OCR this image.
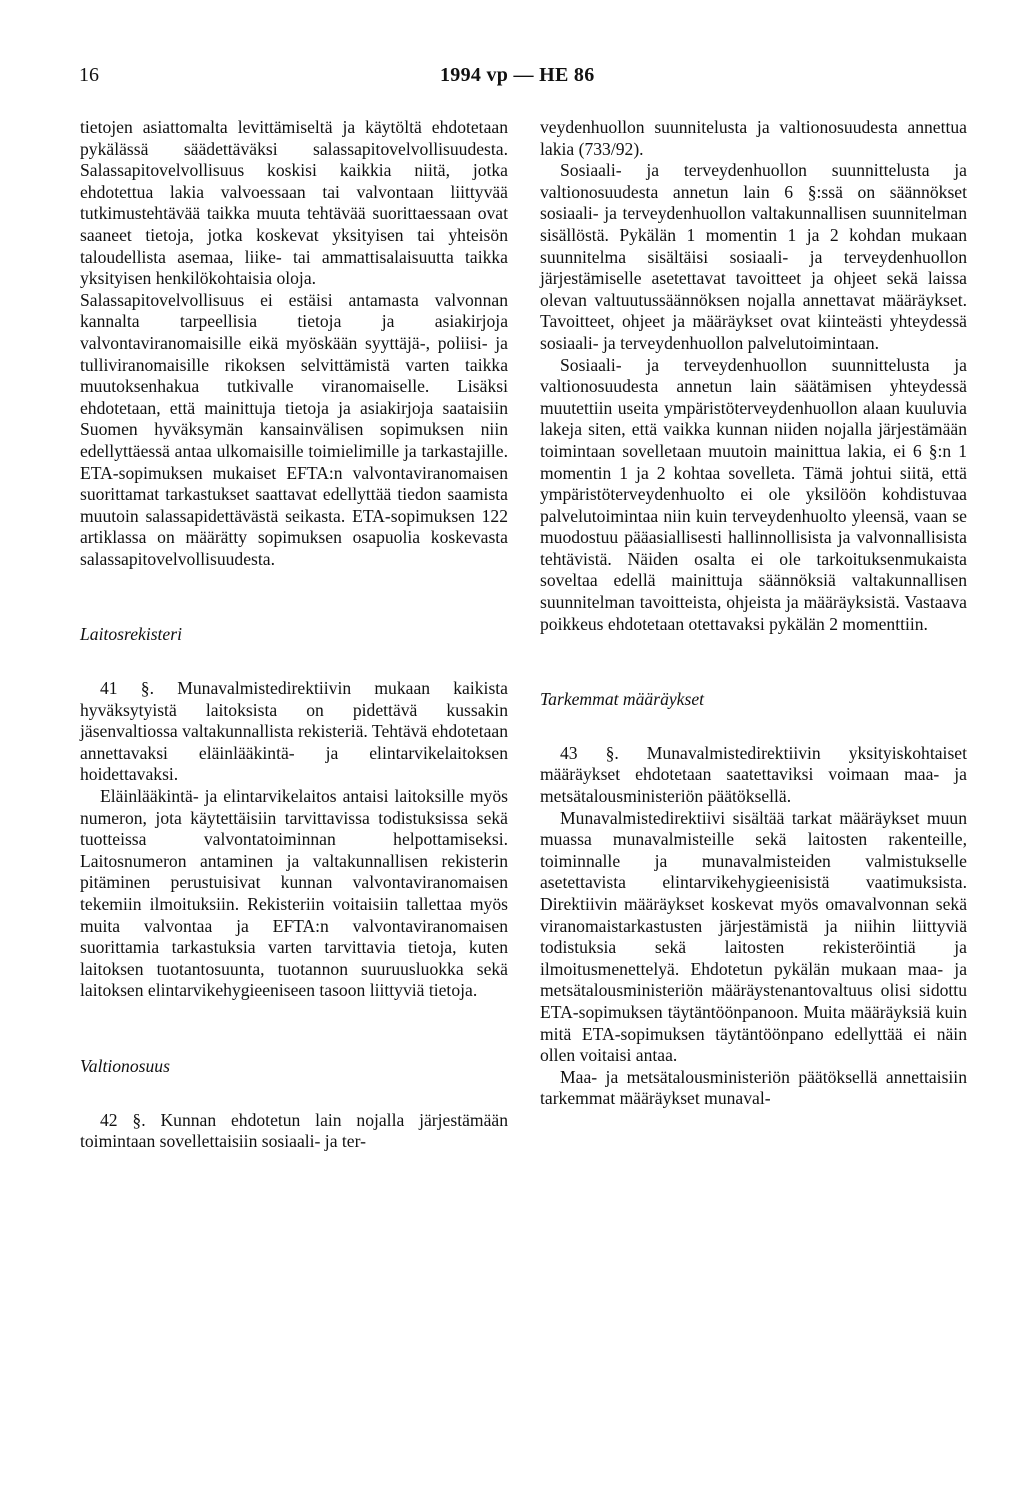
16	1994 vp — HE 86

tietojen asiattomalta levittämiseltä ja käytöltä ehdotetaan pykälässä säädettäväksi salassapitovelvollisuudesta. Salassapitovelvollisuus koskisi kaikkia niitä, jotka ehdotettua lakia valvoessaan tai valvontaan liittyvää tutkimustehtävää taikka muuta tehtävää suorittaessaan ovat saaneet tietoja, jotka koskevat yksityisen tai yhteisön taloudellista asemaa, liike- tai ammattisalaisuutta taikka yksityisen henkilökohtaisia oloja.

Salassapitovelvollisuus ei estäisi antamasta valvonnan kannalta tarpeellisia tietoja ja asiakirjoja valvontaviranomaisille eikä myöskään syyttäjä-, poliisi- ja tulliviranomaisille rikoksen selvittämistä varten taikka muutoksenhakua tutkivalle viranomaiselle. Lisäksi ehdotetaan, että mainittuja tietoja ja asiakirjoja saataisiin Suomen hyväksymän kansainvälisen sopimuksen niin edellyttäessä antaa ulkomaisille toimielimille ja tarkastajille. ETA-sopimuksen mukaiset EFTA:n valvontaviranomaisen suorittamat tarkastukset saattavat edellyttää tiedon saamista muutoin salassapidettävästä seikasta. ETA-sopimuksen 122 artiklassa on määrätty sopimuksen osapuolia koskevasta salassapitovelvollisuudesta.

Laitosrekisteri

41 §. Munavalmistedirektiivin mukaan kaikista hyväksytyistä laitoksista on pidettävä kussakin jäsenvaltiossa valtakunnallista rekisteriä. Tehtävä ehdotetaan annettavaksi eläinlääkintä- ja elintarvikelaitoksen hoidettavaksi.

Eläinlääkintä- ja elintarvikelaitos antaisi laitoksille myös numeron, jota käytettäisiin tarvittavissa todistuksissa sekä tuotteissa valvontatoiminnan helpottamiseksi. Laitosnumeron antaminen ja valtakunnallisen rekisterin pitäminen perustuisivat kunnan valvontaviranomaisen tekemiin ilmoituksiin. Rekisteriin voitaisiin tallettaa myös muita valvontaa ja EFTA:n valvontaviranomaisen suorittamia tarkastuksia varten tarvittavia tietoja, kuten laitoksen tuotantosuunta, tuotannon suuruusluokka sekä laitoksen elintarvikehygieeniseen tasoon liittyviä tietoja.

Valtionosuus

42 §. Kunnan ehdotetun lain nojalla järjestämään toimintaan sovellettaisiin sosiaali- ja ter-

veydenhuollon suunnitelusta ja valtionosuudesta annettua lakia (733/92).

Sosiaali- ja terveydenhuollon suunnittelusta ja valtionosuudesta annetun lain 6 §:ssä on säännökset sosiaali- ja terveydenhuollon valtakunnallisen suunnitelman sisällöstä. Pykälän 1 momentin 1 ja 2 kohdan mukaan suunnitelma sisältäisi sosiaali- ja terveydenhuollon järjestämiselle asetettavat tavoitteet ja ohjeet sekä laissa olevan valtuutussäännöksen nojalla annettavat määräykset. Tavoitteet, ohjeet ja määräykset ovat kiinteästi yhteydessä sosiaali- ja terveydenhuollon palvelutoimintaan.

Sosiaali- ja terveydenhuollon suunnittelusta ja valtionosuudesta annetun lain säätämisen yhteydessä muutettiin useita ympäristöterveydenhuollon alaan kuuluvia lakeja siten, että vaikka kunnan niiden nojalla järjestämään toimintaan sovelletaan muutoin mainittua lakia, ei 6 §:n 1 momentin 1 ja 2 kohtaa sovelleta. Tämä johtui siitä, että ympäristöterveydenhuolto ei ole yksilöön kohdistuvaa palvelutoimintaa niin kuin terveydenhuolto yleensä, vaan se muodostuu pääasiallisesti hallinnollisista ja valvonnallisista tehtävistä. Näiden osalta ei ole tarkoituksenmukaista soveltaa edellä mainittuja säännöksiä valtakunnallisen suunnitelman tavoitteista, ohjeista ja määräyksistä. Vastaava poikkeus ehdotetaan otettavaksi pykälän 2 momenttiin.

Tarkemmat määräykset

43 §. Munavalmistedirektiivin yksityiskohtaiset määräykset ehdotetaan saatettaviksi voimaan maa- ja metsätalousministeriön päätöksellä.

Munavalmistedirektiivi sisältää tarkat määräykset muun muassa munavalmisteille sekä laitosten rakenteille, toiminnalle ja munavalmisteiden valmistukselle asetettavista elintarvikehygieenisistä vaatimuksista. Direktiivin määräykset koskevat myös omavalvonnan sekä viranomaistarkastusten järjestämistä ja niihin liittyviä todistuksia sekä laitosten rekisteröintiä ja ilmoitusmenettelyä. Ehdotetun pykälän mukaan maa- ja metsätalousministeriön määräystenantovaltuus olisi sidottu ETA-sopimuksen täytäntöönpanoon. Muita määräyksiä kuin mitä ETA-sopimuksen täytäntöönpano edellyttää ei näin ollen voitaisi antaa.

Maa- ja metsätalousministeriön päätöksellä annettaisiin tarkemmat määräykset munaval-
